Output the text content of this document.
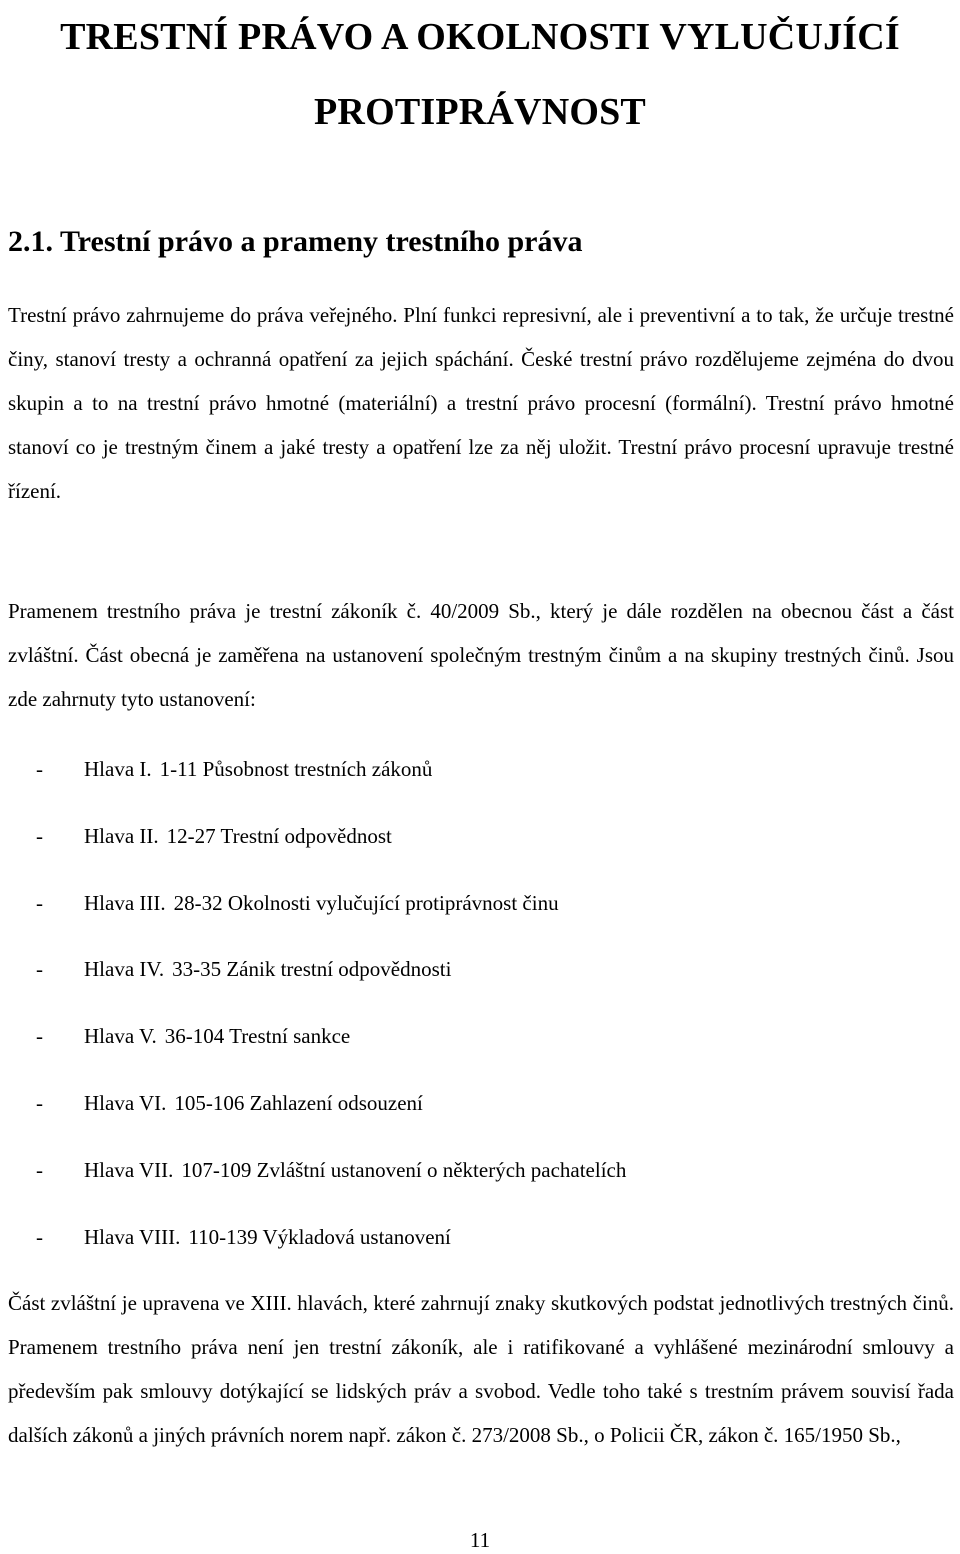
TRESTNÍ PRÁVO A OKOLNOSTI VYLUČUJÍCÍ PROTIPRÁVNOST
2.1. Trestní právo a prameny trestního práva

Trestní právo zahrnujeme do práva veřejného. Plní funkci represivní, ale i preventivní a to tak, že určuje trestné činy, stanoví tresty a ochranná opatření za jejich spáchání. České trestní právo rozdělujeme zejména do dvou skupin a to na trestní právo hmotné (materiální) a trestní právo procesní (formální). Trestní právo hmotné stanoví co je trestným činem a jaké tresty a opatření lze za něj uložit. Trestní právo procesní upravuje trestné řízení.

Pramenem trestního práva je trestní zákoník č. 40/2009 Sb., který je dále rozdělen na obecnou část a část zvláštní. Část obecná je zaměřena na ustanovení společným trestným činům a na skupiny trestných činů. Jsou zde zahrnuty tyto ustanovení:

- Hlava I. 1-11 Působnost trestních zákonů
- Hlava II. 12-27 Trestní odpovědnost
- Hlava III. 28-32 Okolnosti vylučující protiprávnost činu
- Hlava IV. 33-35 Zánik trestní odpovědnosti
- Hlava V. 36-104 Trestní sankce
- Hlava VI. 105-106 Zahlazení odsouzení
- Hlava VII. 107-109 Zvláštní ustanovení o některých pachatelích
- Hlava VIII. 110-139 Výkladová ustanovení

Část zvláštní je upravena ve XIII. hlavách, které zahrnují znaky skutkových podstat jednotlivých trestných činů. Pramenem trestního práva není jen trestní zákoník, ale i ratifikované a vyhlášené mezinárodní smlouvy a především pak smlouvy dotýkající se lidských práv a svobod. Vedle toho také s trestním právem souvisí řada dalších zákonů a jiných právních norem např. zákon č. 273/2008 Sb., o Policii ČR, zákon č. 165/1950 Sb.,

11
